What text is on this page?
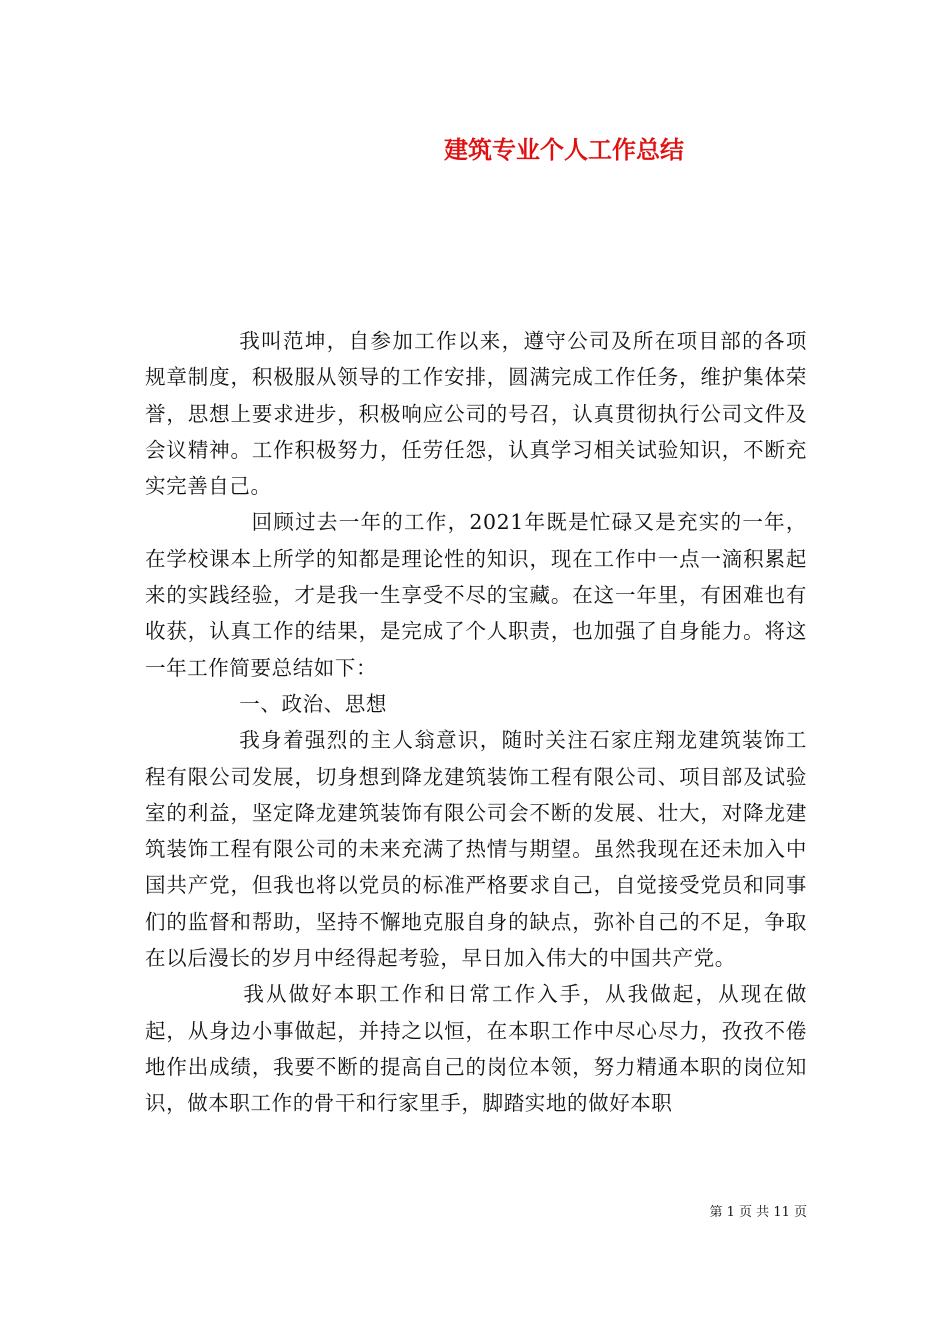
建筑专业个人工作总结

我叫范坤，自参加工作以来，遵守公司及所在项目部的各项规章制度，积极服从领导的工作安排，圆满完成工作任务，维护集体荣誉，思想上要求进步，积极响应公司的号召，认真贯彻执行公司文件及会议精神。工作积极努力，任劳任怨，认真学习相关试验知识，不断充实完善自己。

回顾过去一年的工作，2021年既是忙碌又是充实的一年，在学校课本上所学的知都是理论性的知识，现在工作中一点一滴积累起来的实践经验，才是我一生享受不尽的宝藏。在这一年里，有困难也有收获，认真工作的结果，是完成了个人职责，也加强了自身能力。将这一年工作简要总结如下：

一、政治、思想

我身着强烈的主人翁意识，随时关注石家庄翔龙建筑装饰工程有限公司发展，切身想到降龙建筑装饰工程有限公司、项目部及试验室的利益，坚定降龙建筑装饰有限公司会不断的发展、壮大，对降龙建筑装饰工程有限公司的未来充满了热情与期望。虽然我现在还未加入中国共产党，但我也将以党员的标准严格要求自己，自觉接受党员和同事们的监督和帮助，坚持不懈地克服自身的缺点，弥补自己的不足，争取在以后漫长的岁月中经得起考验，早日加入伟大的中国共产党。

我从做好本职工作和日常工作入手，从我做起，从现在做起，从身边小事做起，并持之以恒，在本职工作中尽心尽力，孜孜不倦地作出成绩，我要不断的提高自己的岗位本领，努力精通本职的岗位知识，做本职工作的骨干和行家里手，脚踏实地的做好本职

第 1 页 共 11 页
